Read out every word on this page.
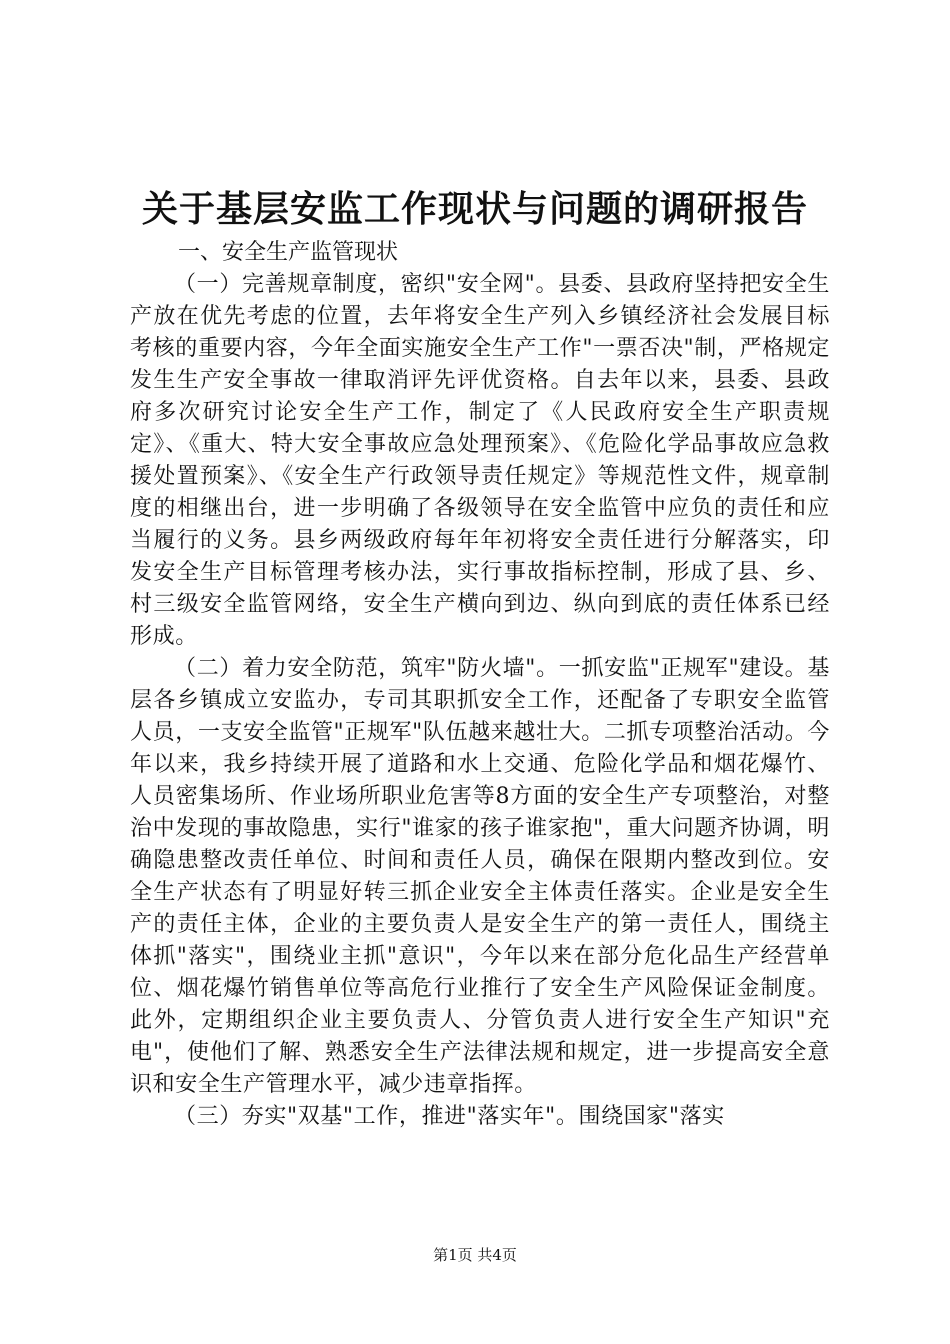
关于基层安监工作现状与问题的调研报告

一、安全生产监管现状

（一）完善规章制度，密织"安全网"。县委、县政府坚持把安全生产放在优先考虑的位置，去年将安全生产列入乡镇经济社会发展目标考核的重要内容，今年全面实施安全生产工作"一票否决"制，严格规定发生生产安全事故一律取消评先评优资格。自去年以来，县委、县政府多次研究讨论安全生产工作，制定了《人民政府安全生产职责规定》、《重大、特大安全事故应急处理预案》、《危险化学品事故应急救援处置预案》、《安全生产行政领导责任规定》等规范性文件，规章制度的相继出台，进一步明确了各级领导在安全监管中应负的责任和应当履行的义务。县乡两级政府每年年初将安全责任进行分解落实，印发安全生产目标管理考核办法，实行事故指标控制，形成了县、乡、村三级安全监管网络，安全生产横向到边、纵向到底的责任体系已经形成。

（二）着力安全防范，筑牢"防火墙"。一抓安监"正规军"建设。基层各乡镇成立安监办，专司其职抓安全工作，还配备了专职安全监管人员，一支安全监管"正规军"队伍越来越壮大。二抓专项整治活动。今年以来，我乡持续开展了道路和水上交通、危险化学品和烟花爆竹、人员密集场所、作业场所职业危害等8方面的安全生产专项整治，对整治中发现的事故隐患，实行"谁家的孩子谁家抱"，重大问题齐协调，明确隐患整改责任单位、时间和责任人员，确保在限期内整改到位。安全生产状态有了明显好转三抓企业安全主体责任落实。企业是安全生产的责任主体，企业的主要负责人是安全生产的第一责任人，围绕主体抓"落实"，围绕业主抓"意识"，今年以来在部分危化品生产经营单位、烟花爆竹销售单位等高危行业推行了安全生产风险保证金制度。此外，定期组织企业主要负责人、分管负责人进行安全生产知识"充电"，使他们了解、熟悉安全生产法律法规和规定，进一步提高安全意识和安全生产管理水平，减少违章指挥。

（三）夯实"双基"工作，推进"落实年"。围绕国家"落实

第1页 共4页
